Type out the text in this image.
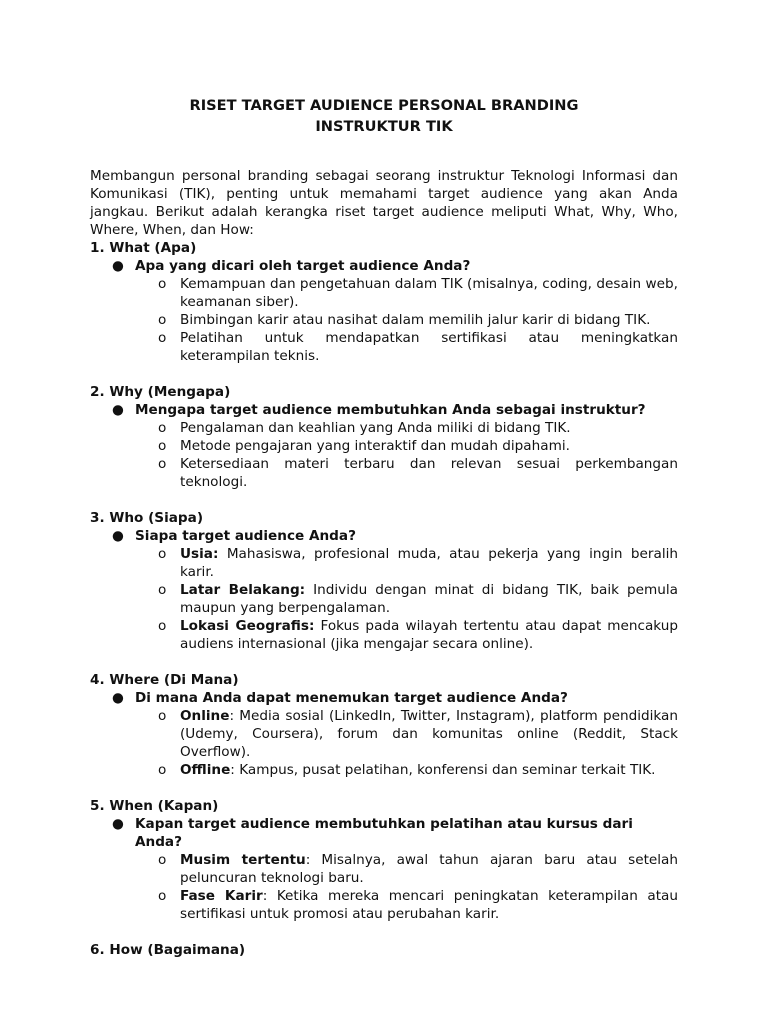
RISET TARGET AUDIENCE PERSONAL BRANDING
INSTRUKTUR TIK

Membangun personal branding sebagai seorang instruktur Teknologi Informasi dan Komunikasi (TIK), penting untuk memahami target audience yang akan Anda jangkau. Berikut adalah kerangka riset target audience meliputi What, Why, Who, Where, When, dan How:

1. What (Apa)
● Apa yang dicari oleh target audience Anda?
o Kemampuan dan pengetahuan dalam TIK (misalnya, coding, desain web, keamanan siber).
o Bimbingan karir atau nasihat dalam memilih jalur karir di bidang TIK.
o Pelatihan untuk mendapatkan sertifikasi atau meningkatkan keterampilan teknis.
2. Why (Mengapa)
● Mengapa target audience membutuhkan Anda sebagai instruktur?
o Pengalaman dan keahlian yang Anda miliki di bidang TIK.
o Metode pengajaran yang interaktif dan mudah dipahami.
o Ketersediaan materi terbaru dan relevan sesuai perkembangan teknologi.
3. Who (Siapa)
● Siapa target audience Anda?
o Usia: Mahasiswa, profesional muda, atau pekerja yang ingin beralih karir.
o Latar Belakang: Individu dengan minat di bidang TIK, baik pemula maupun yang berpengalaman.
o Lokasi Geografis: Fokus pada wilayah tertentu atau dapat mencakup audiens internasional (jika mengajar secara online).
4. Where (Di Mana)
● Di mana Anda dapat menemukan target audience Anda?
o Online: Media sosial (LinkedIn, Twitter, Instagram), platform pendidikan (Udemy, Coursera), forum dan komunitas online (Reddit, Stack Overflow).
o Offline: Kampus, pusat pelatihan, konferensi dan seminar terkait TIK.
5. When (Kapan)
● Kapan target audience membutuhkan pelatihan atau kursus dari Anda?
o Musim tertentu: Misalnya, awal tahun ajaran baru atau setelah peluncuran teknologi baru.
o Fase Karir: Ketika mereka mencari peningkatan keterampilan atau sertifikasi untuk promosi atau perubahan karir.
6. How (Bagaimana)
